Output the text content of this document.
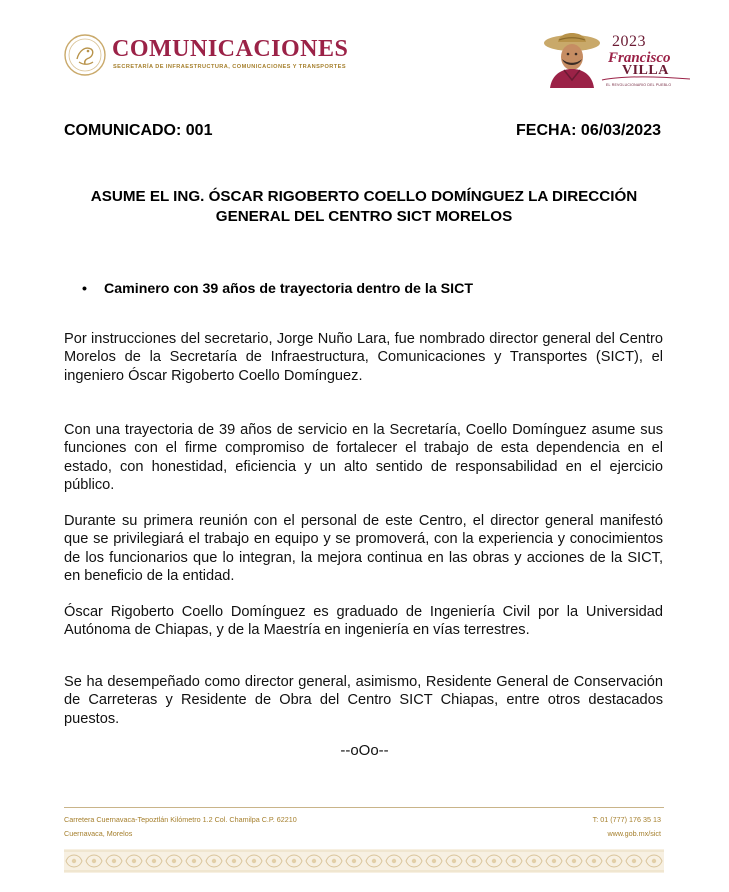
COMUNICACIONES
SECRETARÍA DE INFRAESTRUCTURA, COMUNICACIONES Y TRANSPORTES
2023
Francisco
VILLA
EL REVOLUCIONARIO DEL PUEBLO
COMUNICADO: 001	FECHA: 06/03/2023
ASUME EL ING. ÓSCAR RIGOBERTO COELLO DOMÍNGUEZ LA DIRECCIÓN GENERAL DEL CENTRO SICT MORELOS
• Caminero con 39 años de trayectoria dentro de la SICT
Por instrucciones del secretario, Jorge Nuño Lara, fue nombrado director general del Centro Morelos de la Secretaría de Infraestructura, Comunicaciones y Transportes (SICT), el ingeniero Óscar Rigoberto Coello Domínguez.
Con una trayectoria de 39 años de servicio en la Secretaría, Coello Domínguez asume sus funciones con el firme compromiso de fortalecer el trabajo de esta dependencia en el estado, con honestidad, eficiencia y un alto sentido de responsabilidad en el ejercicio público.
Durante su primera reunión con el personal de este Centro, el director general manifestó que se privilegiará el trabajo en equipo y se promoverá, con la experiencia y conocimientos de los funcionarios que lo integran, la mejora continua en las obras y acciones de la SICT, en beneficio de la entidad.
Óscar Rigoberto Coello Domínguez es graduado de Ingeniería Civil por la Universidad Autónoma de Chiapas, y de la Maestría en ingeniería en vías terrestres.
Se ha desempeñado como director general, asimismo, Residente General de Conservación de Carreteras y Residente de Obra del Centro SICT Chiapas, entre otros destacados puestos.
--oOo--
Carretera Cuernavaca-Tepoztlán Kilómetro 1.2 Col. Chamilpa C.P. 62210
Cuernavaca, Morelos
T: 01 (777) 176 35 13
www.gob.mx/sict
